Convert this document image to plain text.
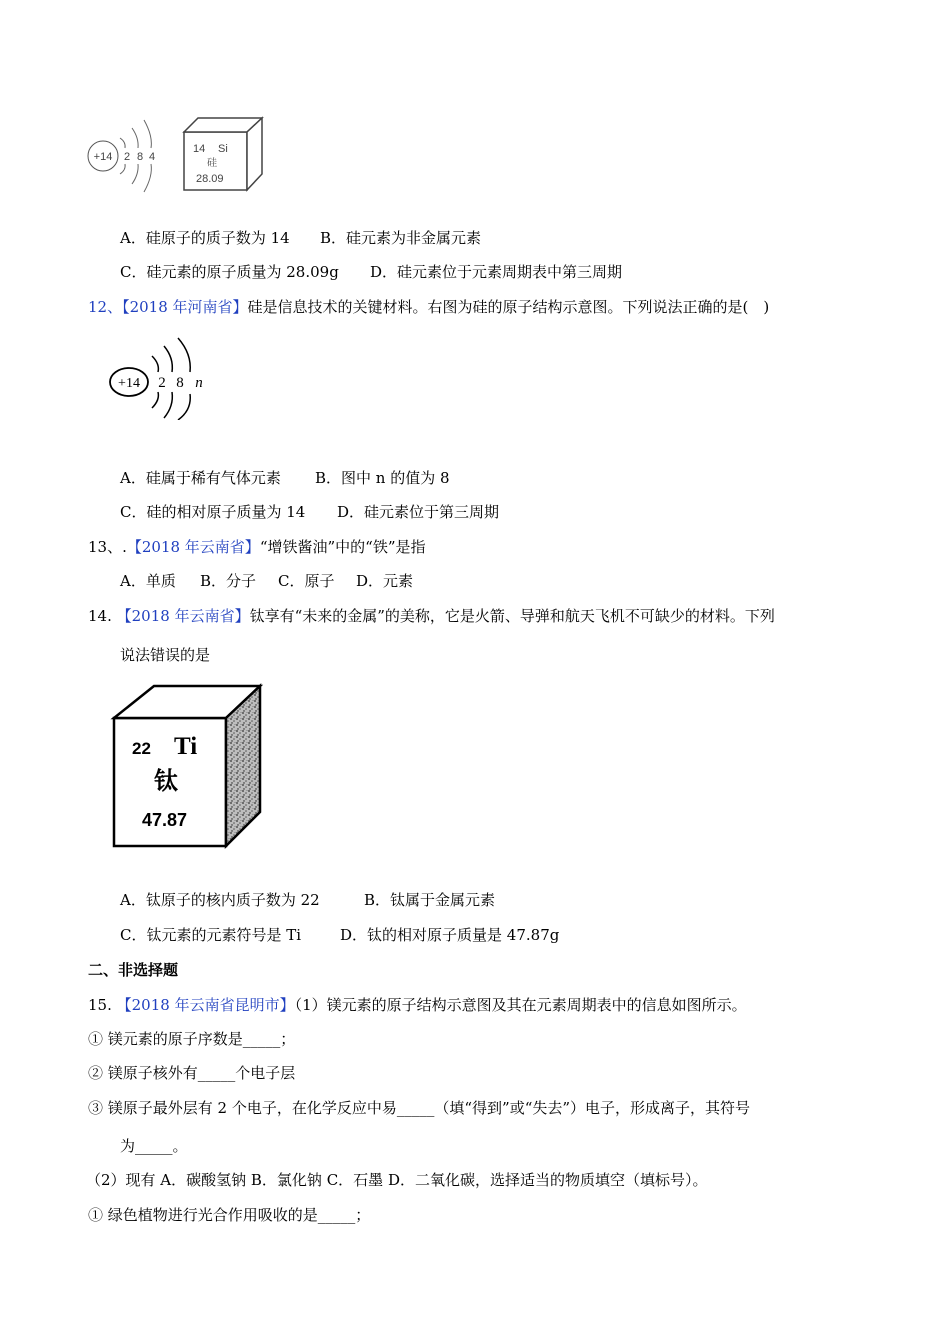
+14 2 8 4
14 Si
硅
28.09
A．硅原子的质子数为 14 B．硅元素为非金属元素
C．硅元素的原子质量为 28.09g D．硅元素位于元素周期表中第三周期
12、【2018 年河南省】硅是信息技术的关键材料。右图为硅的原子结构示意图。下列说法正确的是(　)
+14 2 8 n
A．硅属于稀有气体元素 B．图中 n 的值为 8
C．硅的相对原子质量为 14 D．硅元素位于第三周期
13、.【2018 年云南省】“增铁酱油”中的“铁”是指
A．单质 B．分子 C．原子 D．元素
14. 【2018 年云南省】钛享有“未来的金属”的美称，它是火箭、导弹和航天飞机不可缺少的材料。下列
说法错误的是
22 Ti
钛
47.87
A．钛原子的核内质子数为 22	B．钛属于金属元素
C．钛元素的元素符号是 Ti	D．钛的相对原子质量是 47.87g
二、非选择题
15. 【2018 年云南省昆明市】（1）镁元素的原子结构示意图及其在元素周期表中的信息如图所示。
① 镁元素的原子序数是_____；
② 镁原子核外有_____个电子层
③ 镁原子最外层有 2 个电子，在化学反应中易_____（填“得到”或“失去”）电子，形成离子，其符号
为_____。
（2）现有 A．碳酸氢钠 B．氯化钠 C．石墨 D．二氧化碳，选择适当的物质填空（填标号）。
① 绿色植物进行光合作用吸收的是_____；
